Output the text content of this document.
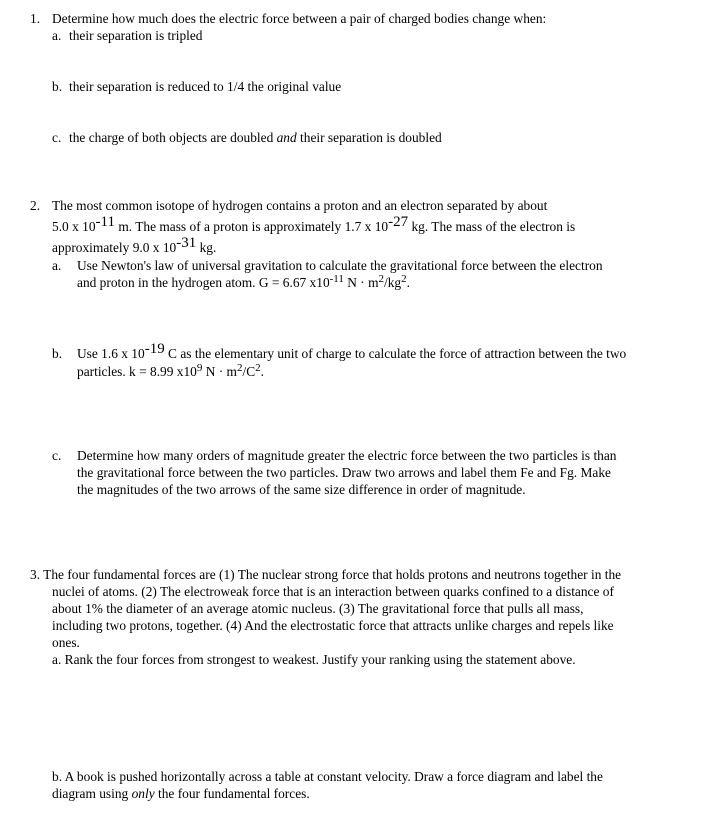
1. Determine how much does the electric force between a pair of charged bodies change when:
a. their separation is tripled
b. their separation is reduced to 1/4 the original value
c. the charge of both objects are doubled and their separation is doubled
2. The most common isotope of hydrogen contains a proton and an electron separated by about
5.0 x $10^{-11}$ m. The mass of a proton is approximately 1.7 x $10^{-27}$ kg. The mass of the electron is
approximately 9.0 x $10^{-31}$ kg.
a. Use Newton's law of universal gravitation to calculate the gravitational force between the electron
and proton in the hydrogen atom. G = 6.67 $x10^{-11}$ $N \cdot m^2/kg^2$.
b. Use 1.6 x $10^{-19}$ C as the elementary unit of charge to calculate the force of attraction between the two
particles. k = 8.99 $x10^9$ $N \cdot m^2/C^2$.
c. Determine how many orders of magnitude greater the electric force between the two particles is than
the gravitational force between the two particles. Draw two arrows and label them Fe and Fg. Make
the magnitudes of the two arrows of the same size difference in order of magnitude.
3. The four fundamental forces are (1) The nuclear strong force that holds protons and neutrons together in the
nuclei of atoms. (2) The electroweak force that is an interaction between quarks confined to a distance of
about 1% the diameter of an average atomic nucleus. (3) The gravitational force that pulls all mass,
including two protons, together. (4) And the electrostatic force that attracts unlike charges and repels like
ones.
a. Rank the four forces from strongest to weakest. Justify your ranking using the statement above.
b. A book is pushed horizontally across a table at constant velocity. Draw a force diagram and label the
diagram using only the four fundamental forces.
